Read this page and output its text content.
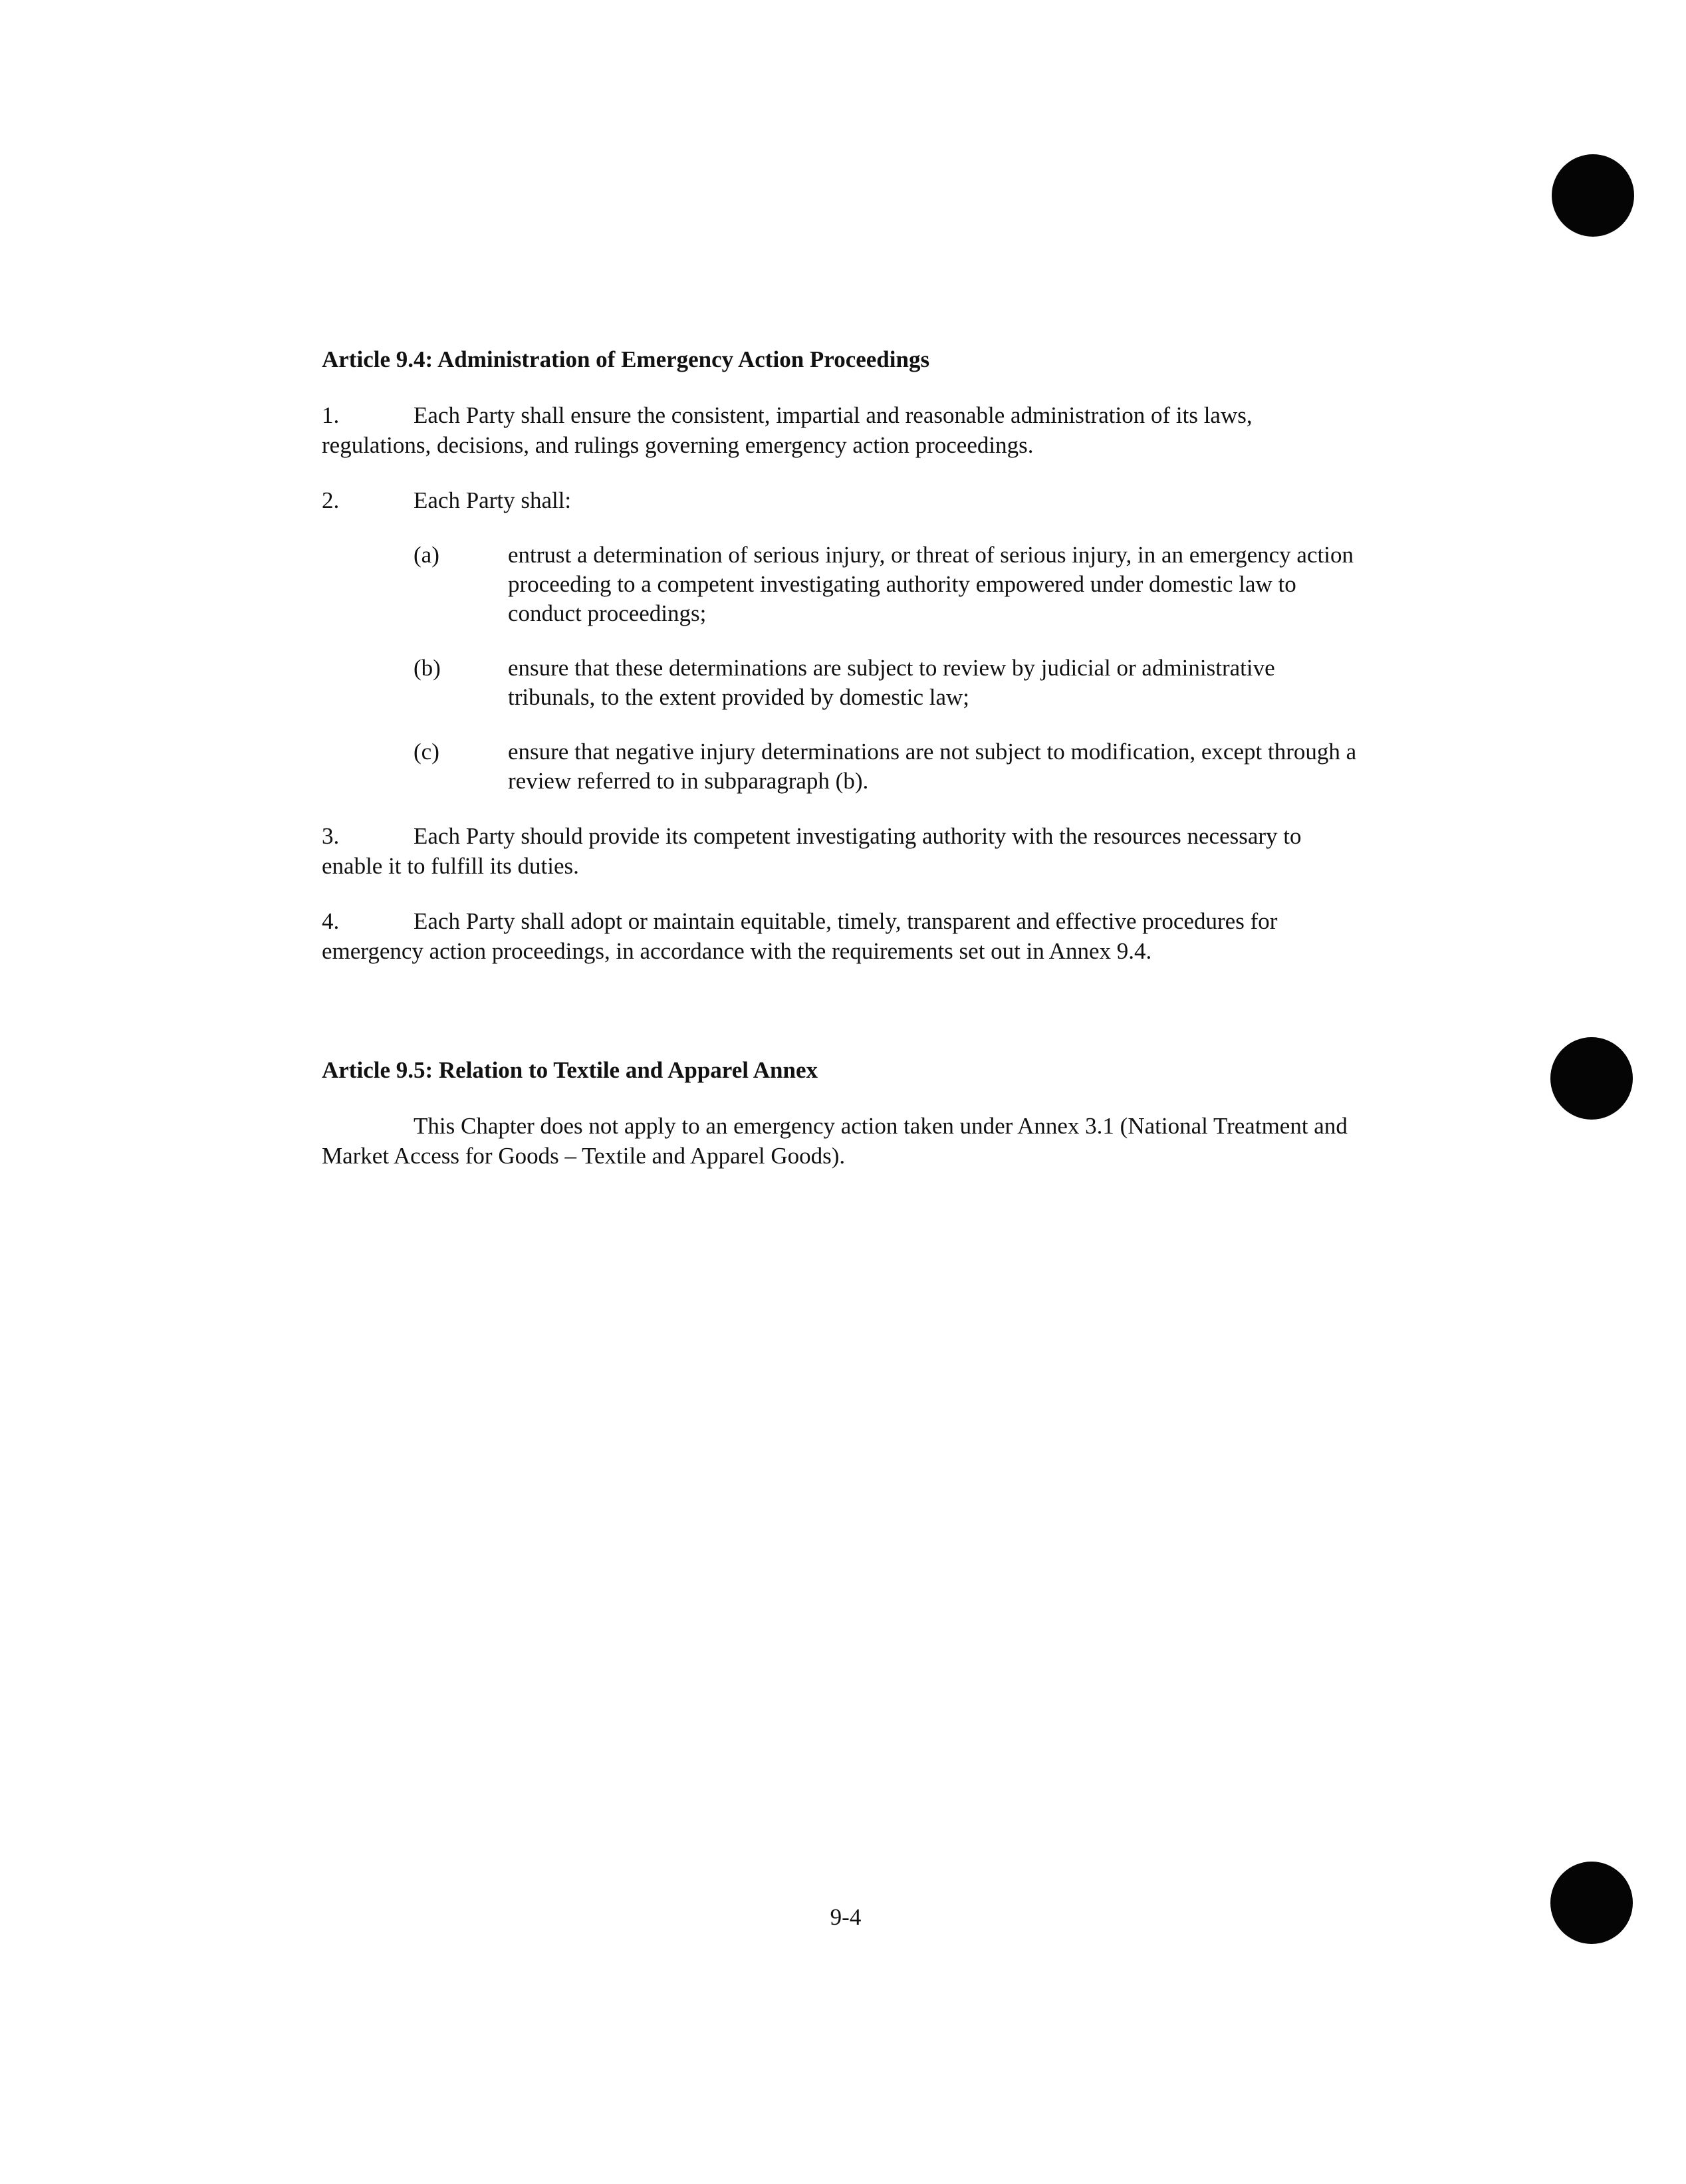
Article 9.4: Administration of Emergency Action Proceedings

1.	Each Party shall ensure the consistent, impartial and reasonable administration of its laws, regulations, decisions, and rulings governing emergency action proceedings.

2.	Each Party shall:

(a)	entrust a determination of serious injury, or threat of serious injury, in an emergency action proceeding to a competent investigating authority empowered under domestic law to conduct proceedings;
(b)	ensure that these determinations are subject to review by judicial or administrative tribunals, to the extent provided by domestic law;
(c)	ensure that negative injury determinations are not subject to modification, except through a review referred to in subparagraph (b).

3.	Each Party should provide its competent investigating authority with the resources necessary to enable it to fulfill its duties.

4.	Each Party shall adopt or maintain equitable, timely, transparent and effective procedures for emergency action proceedings, in accordance with the requirements set out in Annex 9.4.

Article 9.5: Relation to Textile and Apparel Annex

This Chapter does not apply to an emergency action taken under Annex 3.1 (National Treatment and Market Access for Goods – Textile and Apparel Goods).

9-4
